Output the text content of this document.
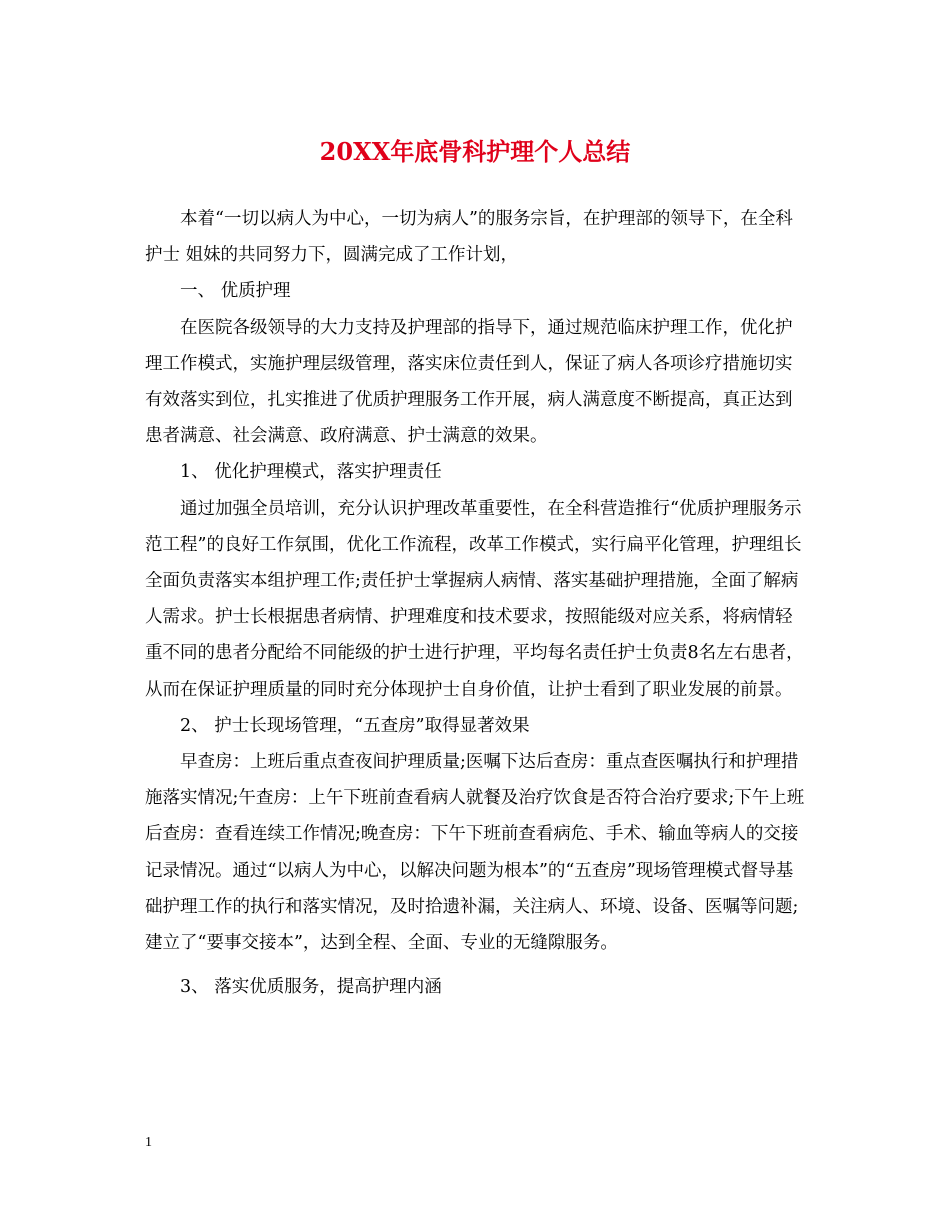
20XX年底骨科护理个人总结

本着“一切以病人为中心，一切为病人”的服务宗旨，在护理部的领导下，在全科护士 姐妹的共同努力下，圆满完成了工作计划，

一、 优质护理

在医院各级领导的大力支持及护理部的指导下，通过规范临床护理工作，优化护理工作模式，实施护理层级管理，落实床位责任到人，保证了病人各项诊疗措施切实有效落实到位，扎实推进了优质护理服务工作开展，病人满意度不断提高，真正达到患者满意、社会满意、政府满意、护士满意的效果。

1、 优化护理模式，落实护理责任

通过加强全员培训，充分认识护理改革重要性，在全科营造推行“优质护理服务示范工程”的良好工作氛围，优化工作流程，改革工作模式，实行扁平化管理，护理组长全面负责落实本组护理工作;责任护士掌握病人病情、落实基础护理措施，全面了解病人需求。护士长根据患者病情、护理难度和技术要求，按照能级对应关系，将病情轻重不同的患者分配给不同能级的护士进行护理，平均每名责任护士负责8名左右患者，从而在保证护理质量的同时充分体现护士自身价值，让护士看到了职业发展的前景。

2、 护士长现场管理，“五查房”取得显著效果

早查房：上班后重点查夜间护理质量;医嘱下达后查房：重点查医嘱执行和护理措施落实情况;午查房：上午下班前查看病人就餐及治疗饮食是否符合治疗要求;下午上班后查房：查看连续工作情况;晚查房：下午下班前查看病危、手术、输血等病人的交接记录情况。通过“以病人为中心，以解决问题为根本”的“五查房”现场管理模式督导基础护理工作的执行和落实情况，及时拾遗补漏，关注病人、环境、设备、医嘱等问题;建立了“要事交接本”，达到全程、全面、专业的无缝隙服务。

3、 落实优质服务，提高护理内涵

1
